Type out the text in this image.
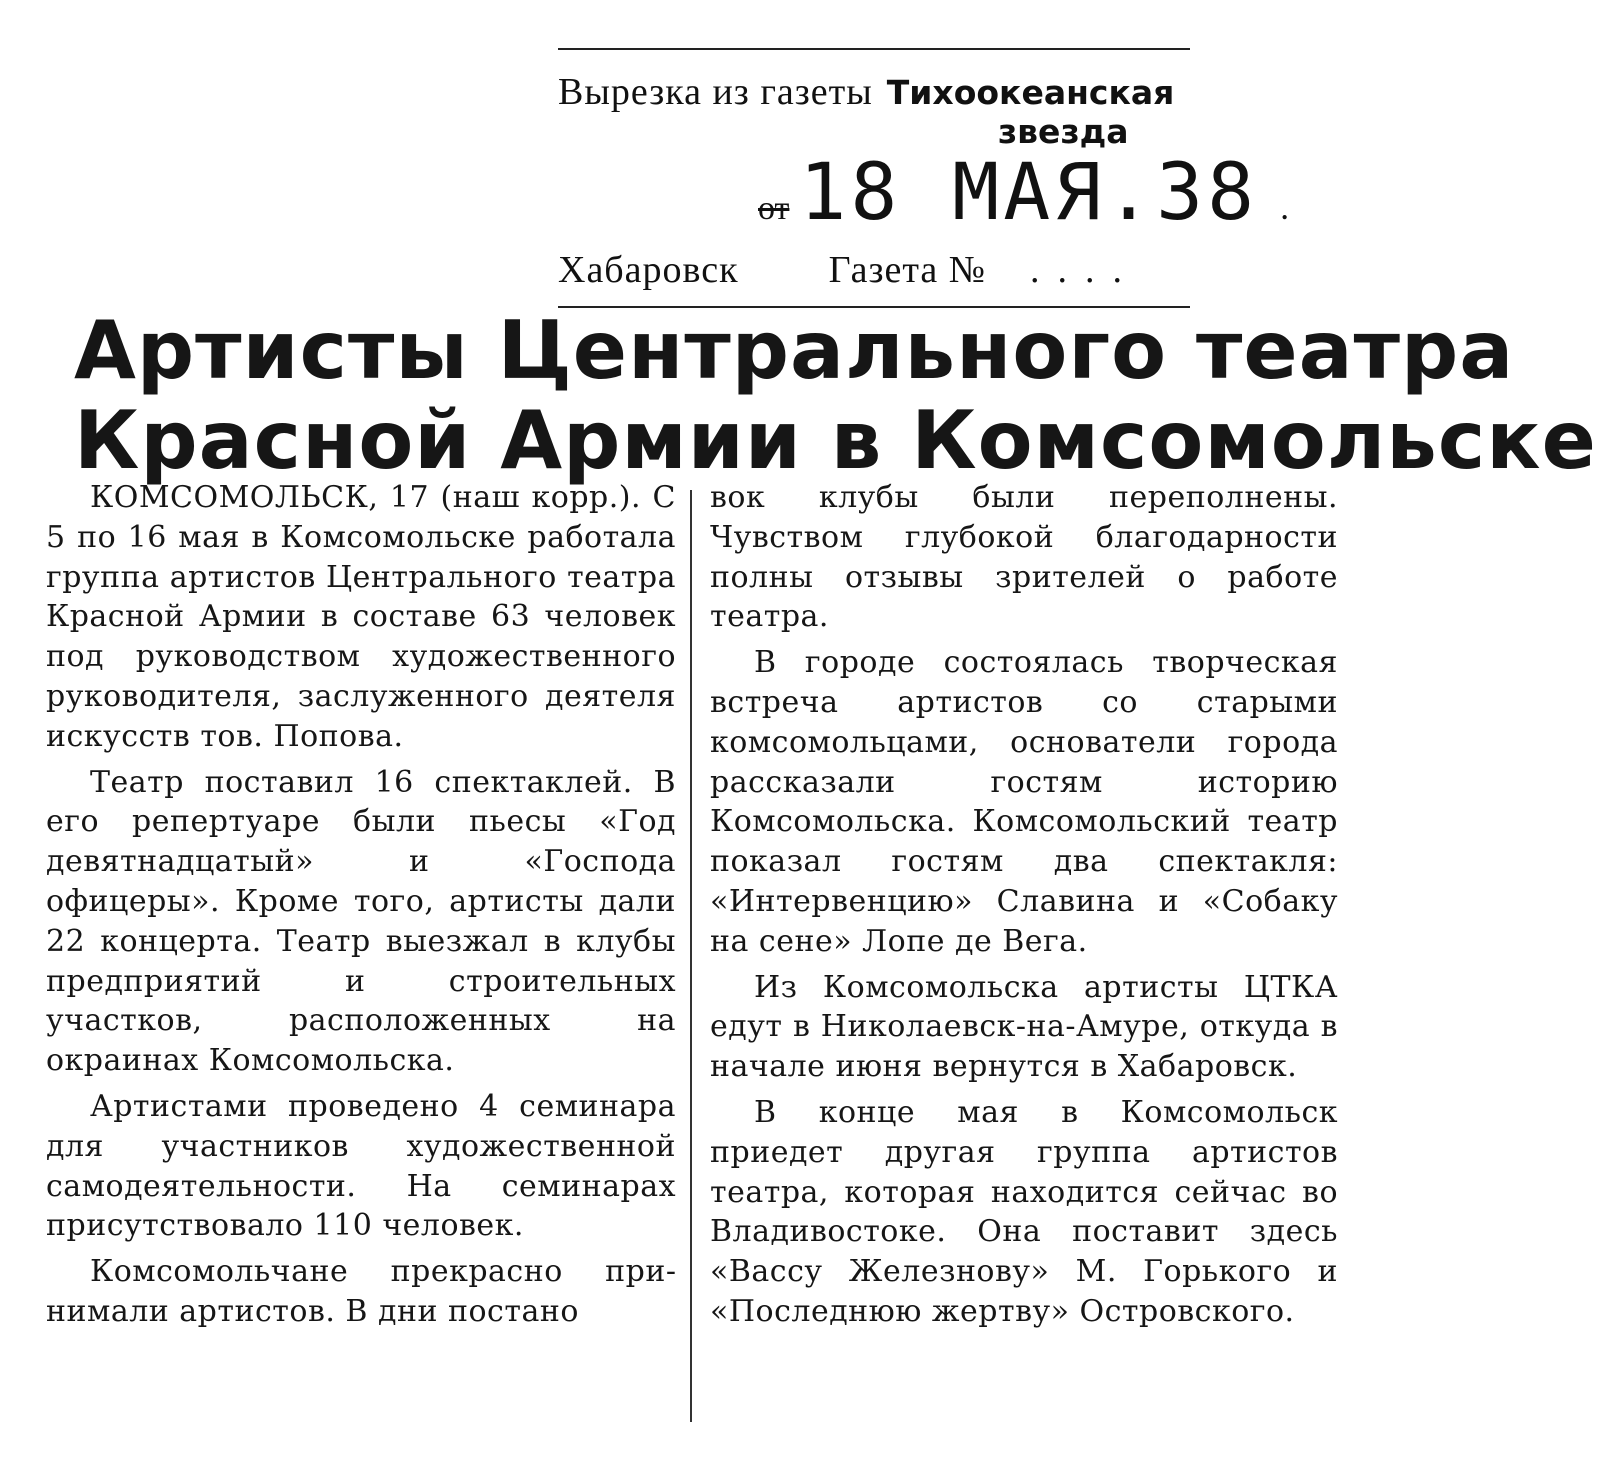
Вырезка из газеты Тихоокеанская
звезда
от 18 МАЯ.38 .
Хабаровск Газета № ....
Артисты Центрального театра
Красной Армии в Комсомольске

КОМСОМОЛЬСК, 17 (наш корр.). С 5 по 16 мая в Комсомольске работала группа артистов Центрального театра Красной Армии в составе 63 человек под руководством художественного руководителя, заслуженного деятеля искусств тов. Попова.

Театр поставил 16 спектаклей. В его репертуаре были пьесы «Год девятнадцатый» и «Господа офицеры». Кроме того, артисты дали 22 концерта. Театр выезжал в клубы предприятий и строительных участков, расположенных на окраинах Комсомольска.

Артистами проведено 4 семинара для участников художественной самодеятельности. На семинарах присутствовало 110 человек.

Комсомольчане прекрасно принимали артистов. В дни постано

вок клубы были переполнены. Чувством глубокой благодарности полны отзывы зрителей о работе театра.

В городе состоялась творческая встреча артистов со старыми комсомольцами, основатели города рассказали гостям историю Комсомольска. Комсомольский театр показал гостям два спектакля: «Интервенцию» Славина и «Собаку на сене» Лопе де Вега.

Из Комсомольска артисты ЦТКА едут в Николаевск-на-Амуре, откуда в начале июня вернутся в Хабаровск.

В конце мая в Комсомольск приедет другая группа артистов театра, которая находится сейчас во Владивостоке. Она поставит здесь «Вассу Железнову» М. Горького и «Последнюю жертву» Островского.
